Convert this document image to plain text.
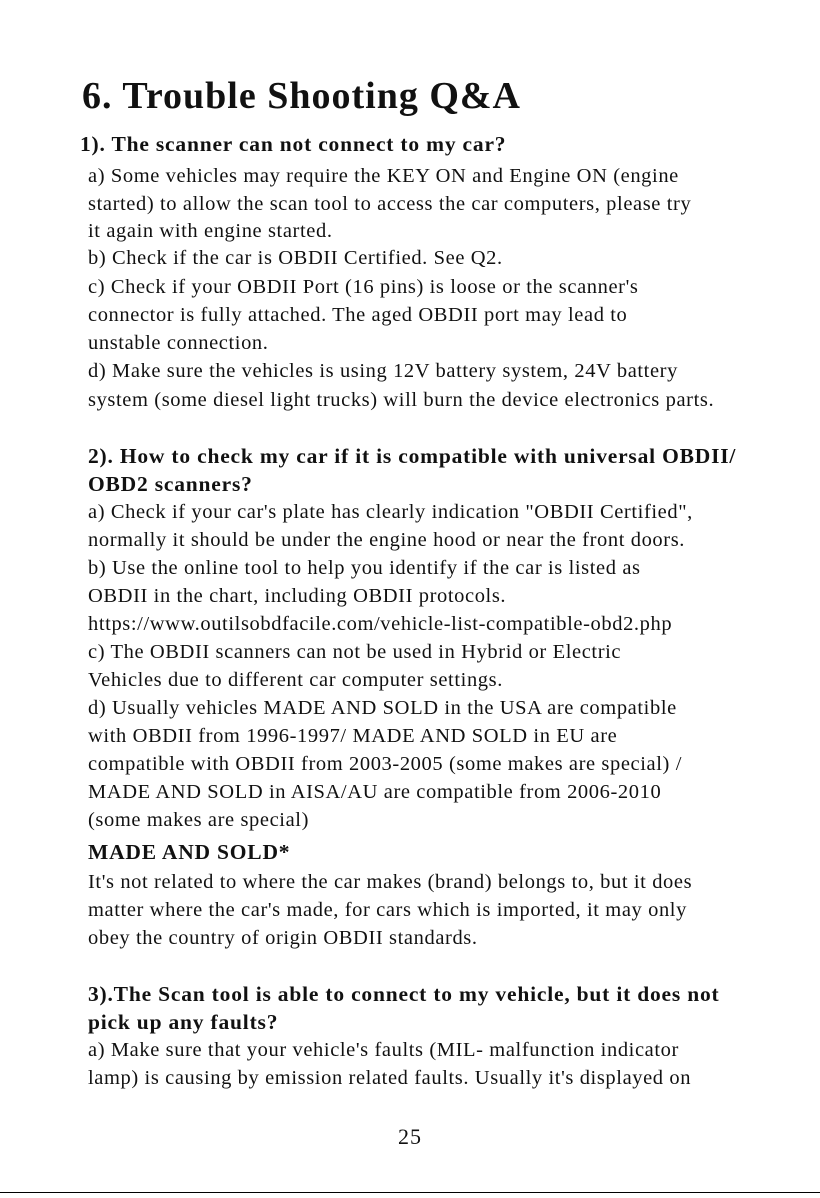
6. Trouble Shooting Q&A
1). The scanner can not connect to my car?
a) Some vehicles may require the KEY ON and Engine ON (engine
started) to allow the scan tool to access the car computers, please try
it again with engine started.
b) Check if the car is OBDII Certified. See Q2.
c) Check if your OBDII Port (16 pins) is loose or the scanner's
connector is fully attached. The aged OBDII port may lead to
unstable connection.
d) Make sure the vehicles is using 12V battery system, 24V battery
system (some diesel light trucks) will burn the device electronics parts.
2). How to check my car if it is compatible with universal OBDII/
OBD2 scanners?
a) Check if your car's plate has clearly indication "OBDII Certified",
normally it should be under the engine hood or near the front doors.
b) Use the online tool to help you identify if the car is listed as
OBDII in the chart, including OBDII protocols.
https://www.outilsobdfacile.com/vehicle-list-compatible-obd2.php
c) The OBDII scanners can not be used in Hybrid or Electric
Vehicles due to different car computer settings.
d) Usually vehicles MADE AND SOLD in the USA are compatible
with OBDII from 1996-1997/ MADE AND SOLD in EU are
compatible with OBDII from 2003-2005 (some makes are special) /
MADE AND SOLD in AISA/AU are compatible from 2006-2010
(some makes are special)
MADE AND SOLD*
It's not related to where the car makes (brand) belongs to, but it does
matter where the car's made, for cars which is imported, it may only
obey the country of origin OBDII standards.
3).The Scan tool is able to connect to my vehicle, but it does not
pick up any faults?
a) Make sure that your vehicle's faults (MIL- malfunction indicator
lamp) is causing by emission related faults. Usually it's displayed on
25
